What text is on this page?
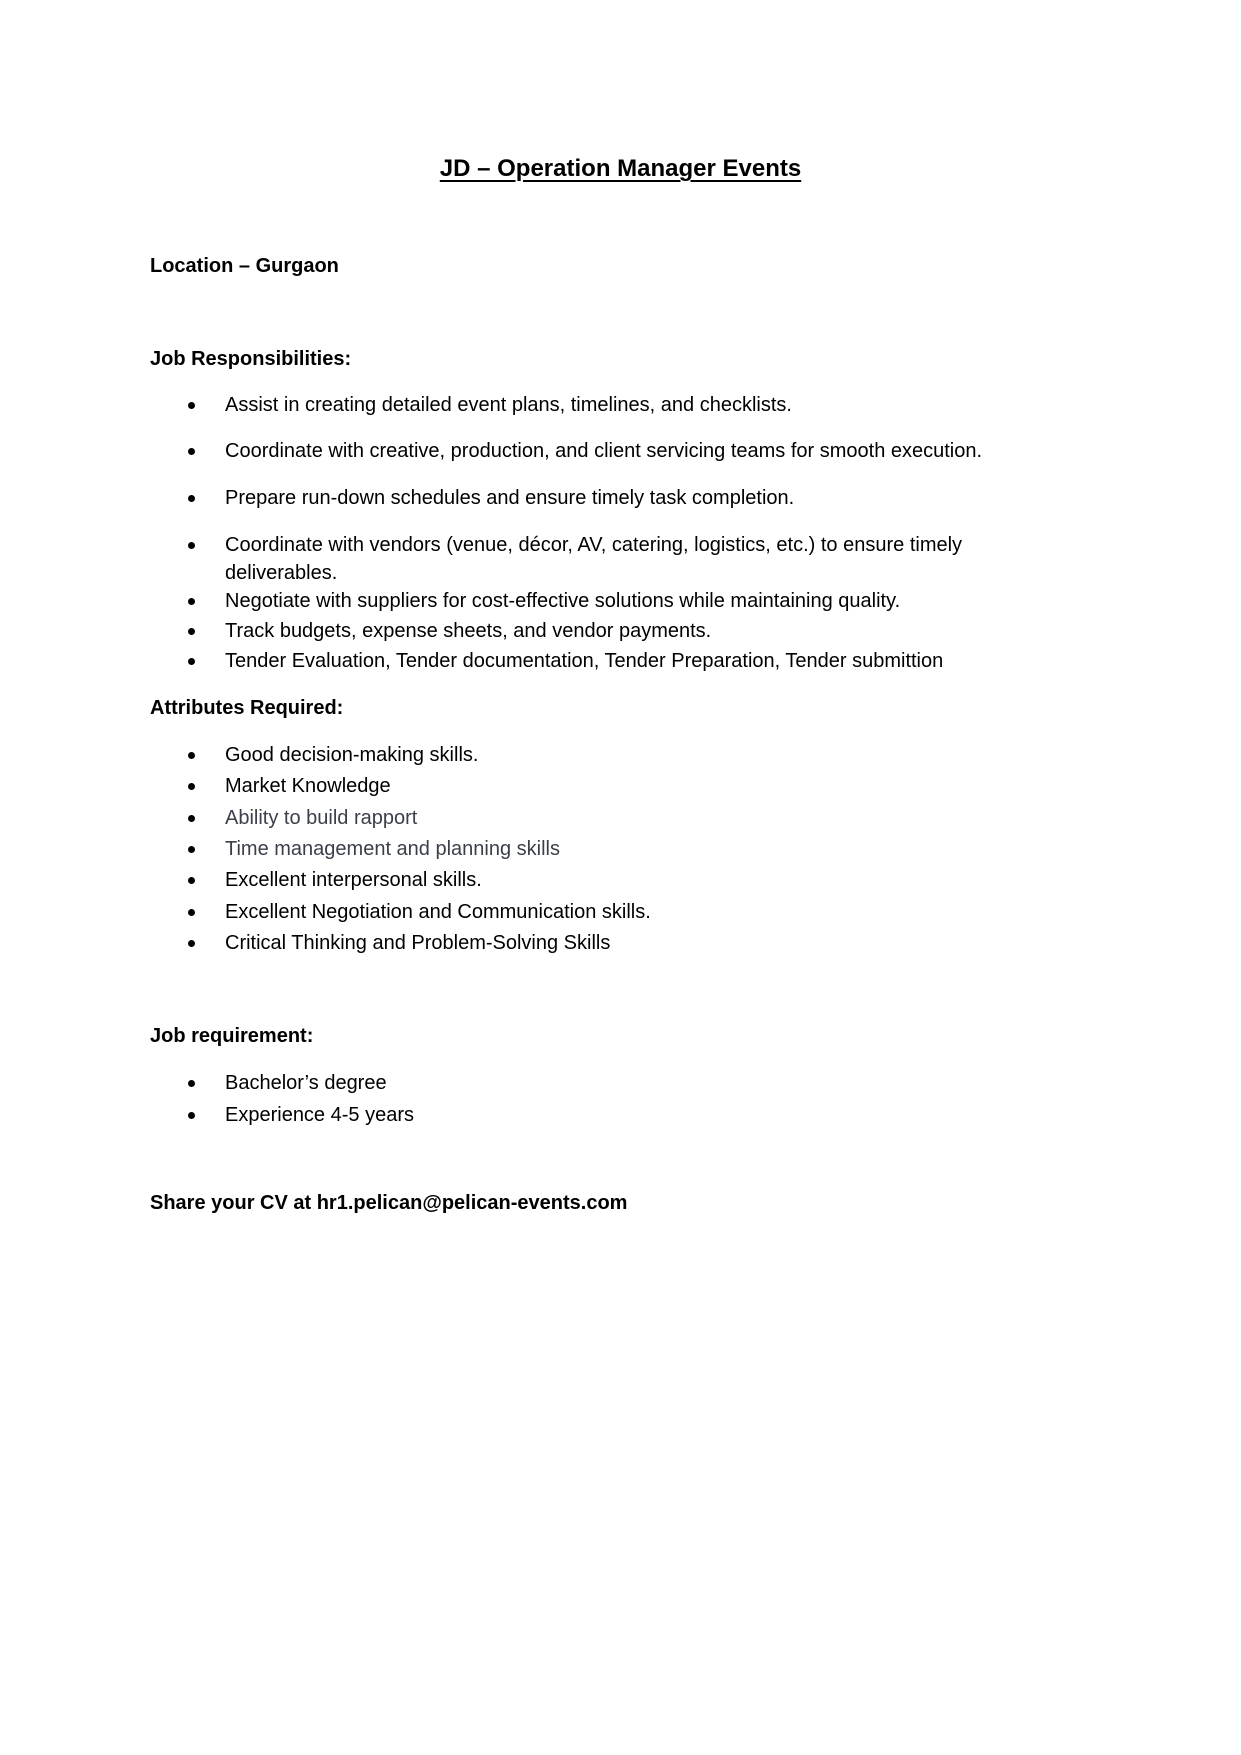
JD – Operation Manager Events
Location – Gurgaon
Job Responsibilities:
Assist in creating detailed event plans, timelines, and checklists.
Coordinate with creative, production, and client servicing teams for smooth execution.
Prepare run-down schedules and ensure timely task completion.
Coordinate with vendors (venue, décor, AV, catering, logistics, etc.) to ensure timely
deliverables.
Negotiate with suppliers for cost-effective solutions while maintaining quality.
Track budgets, expense sheets, and vendor payments.
Tender Evaluation, Tender documentation, Tender Preparation, Tender submittion
Attributes Required:
Good decision-making skills.
Market Knowledge
Ability to build rapport
Time management and planning skills
Excellent interpersonal skills.
Excellent Negotiation and Communication skills.
Critical Thinking and Problem-Solving Skills
Job requirement:
Bachelor’s degree
Experience 4-5 years
Share your CV at hr1.pelican@pelican-events.com
